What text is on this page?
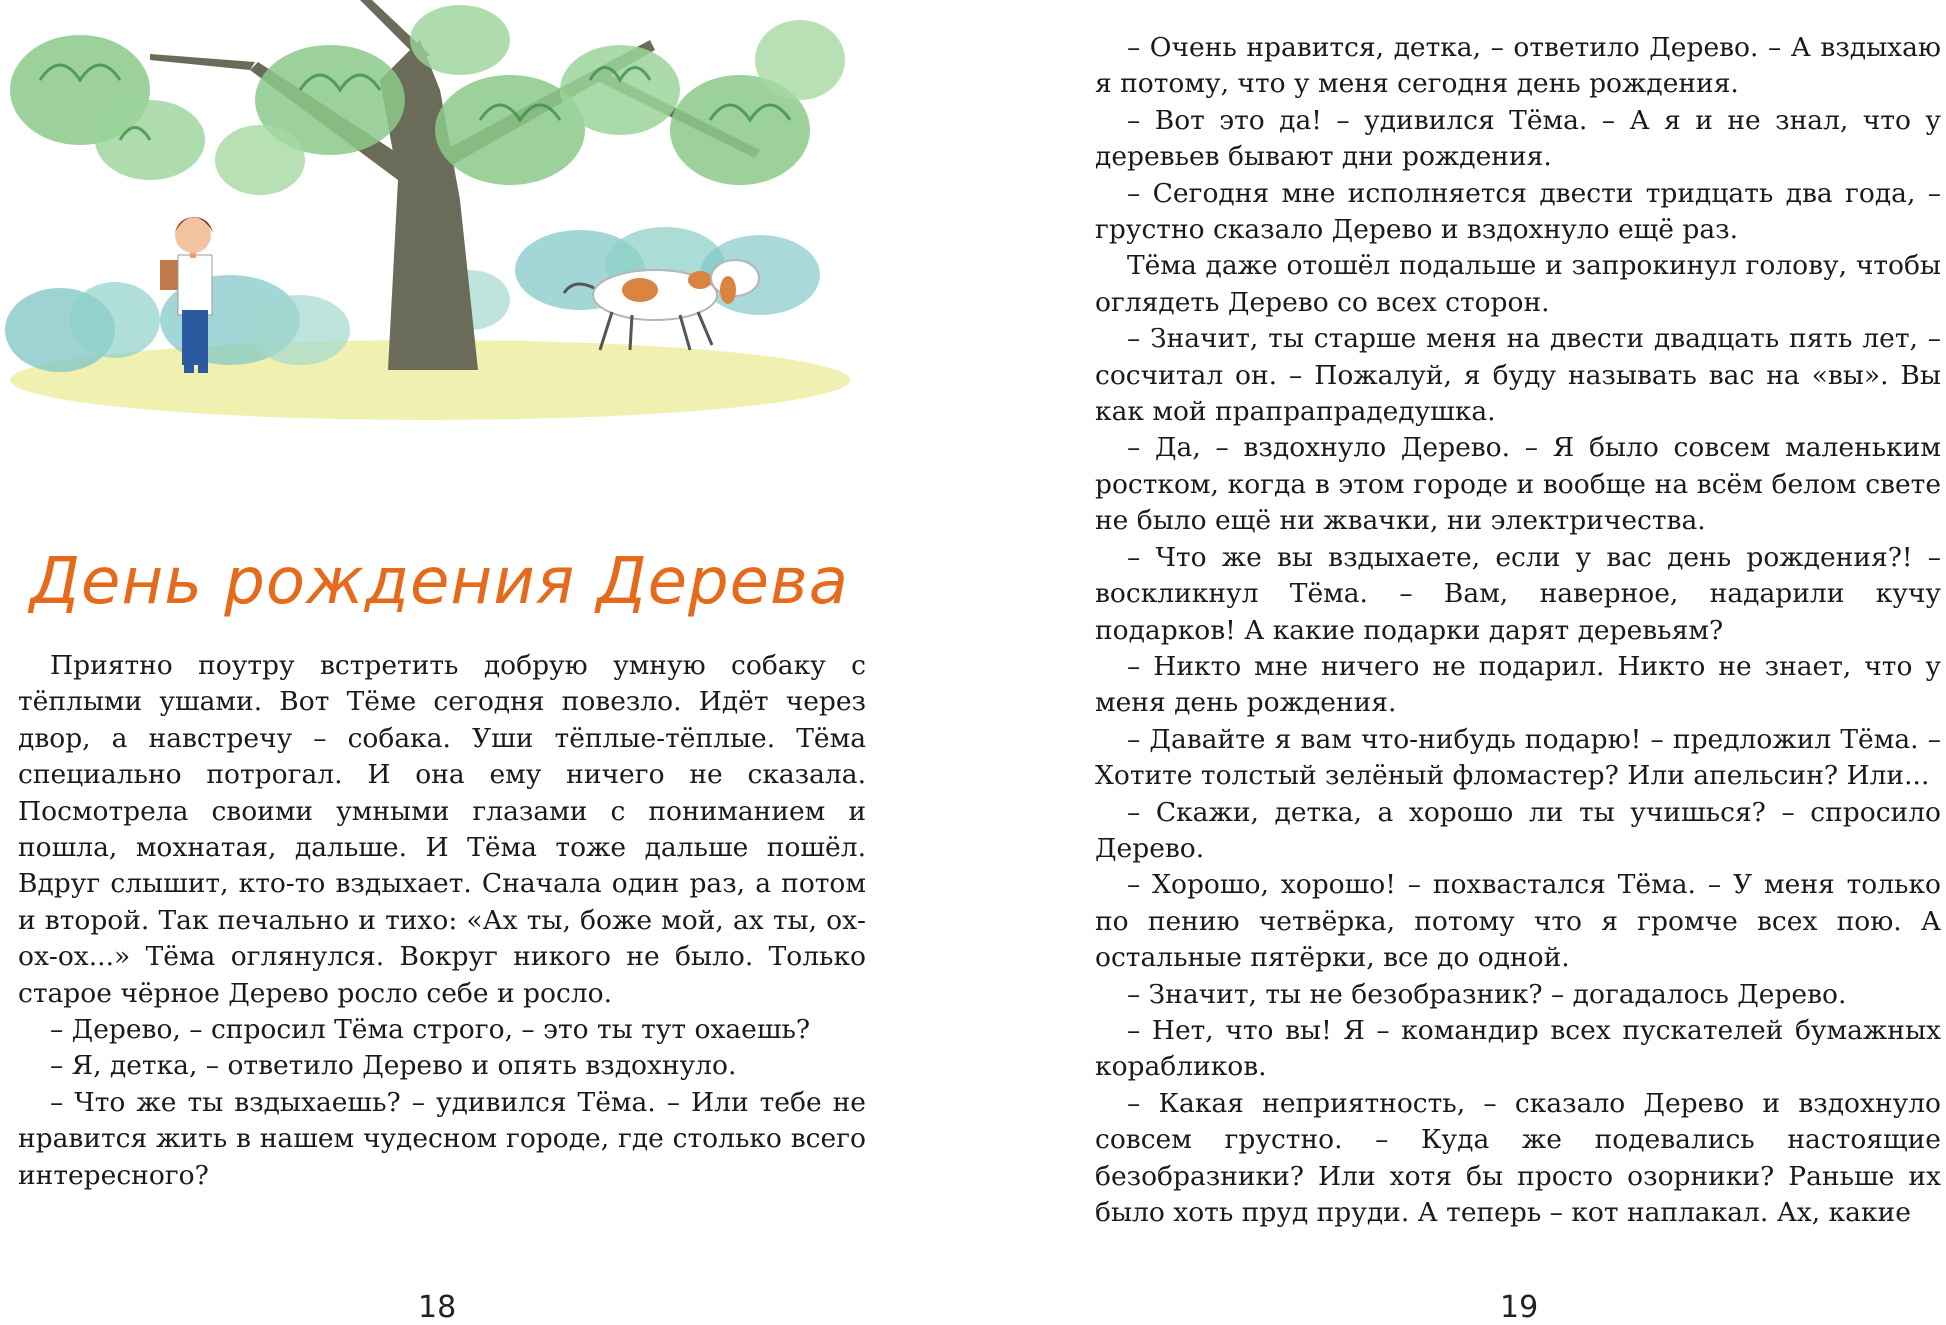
День рождения Дерева

Приятно поутру встретить добрую умную собаку с тёплыми ушами. Вот Тёме сегодня повезло. Идёт через двор, а навстречу – собака. Уши тёплые-тёплые. Тёма специально потрогал. И она ему ничего не сказала. Посмотрела своими умными глазами с пониманием и пошла, мохнатая, дальше. И Тёма тоже дальше пошёл. Вдруг слышит, кто-то вздыхает. Сначала один раз, а потом и второй. Так печально и тихо: «Ах ты, боже мой, ах ты, ох-ох-ох...» Тёма оглянулся. Вокруг никого не было. Только старое чёрное Дерево росло себе и росло.

– Дерево, – спросил Тёма строго, – это ты тут охаешь?

– Я, детка, – ответило Дерево и опять вздохнуло.

– Что же ты вздыхаешь? – удивился Тёма. – Или тебе не нравится жить в нашем чудесном городе, где столько всего интересного?

18

– Очень нравится, детка, – ответило Дерево. – А вздыхаю я потому, что у меня сегодня день рождения.

– Вот это да! – удивился Тёма. – А я и не знал, что у деревьев бывают дни рождения.

– Сегодня мне исполняется двести тридцать два года, – грустно сказало Дерево и вздохнуло ещё раз.

Тёма даже отошёл подальше и запрокинул голову, чтобы оглядеть Дерево со всех сторон.

– Значит, ты старше меня на двести двадцать пять лет, – сосчитал он. – Пожалуй, я буду называть вас на «вы». Вы как мой прапрапрадедушка.

– Да, – вздохнуло Дерево. – Я было совсем маленьким ростком, когда в этом городе и вообще на всём белом свете не было ещё ни жвачки, ни электричества.

– Что же вы вздыхаете, если у вас день рождения?! – воскликнул Тёма. – Вам, наверное, надарили кучу подарков! А какие подарки дарят деревьям?

– Никто мне ничего не подарил. Никто не знает, что у меня день рождения.

– Давайте я вам что-нибудь подарю! – предложил Тёма. – Хотите толстый зелёный фломастер? Или апельсин? Или...

– Скажи, детка, а хорошо ли ты учишься? – спросило Дерево.

– Хорошо, хорошо! – похвастался Тёма. – У меня только по пению четвёрка, потому что я громче всех пою. А остальные пятёрки, все до одной.

– Значит, ты не безобразник? – догадалось Дерево.

– Нет, что вы! Я – командир всех пускателей бумажных корабликов.

– Какая неприятность, – сказало Дерево и вздохнуло совсем грустно. – Куда же подевались настоящие безобразники? Или хотя бы просто озорники? Раньше их было хоть пруд пруди. А теперь – кот наплакал. Ах, какие

19
